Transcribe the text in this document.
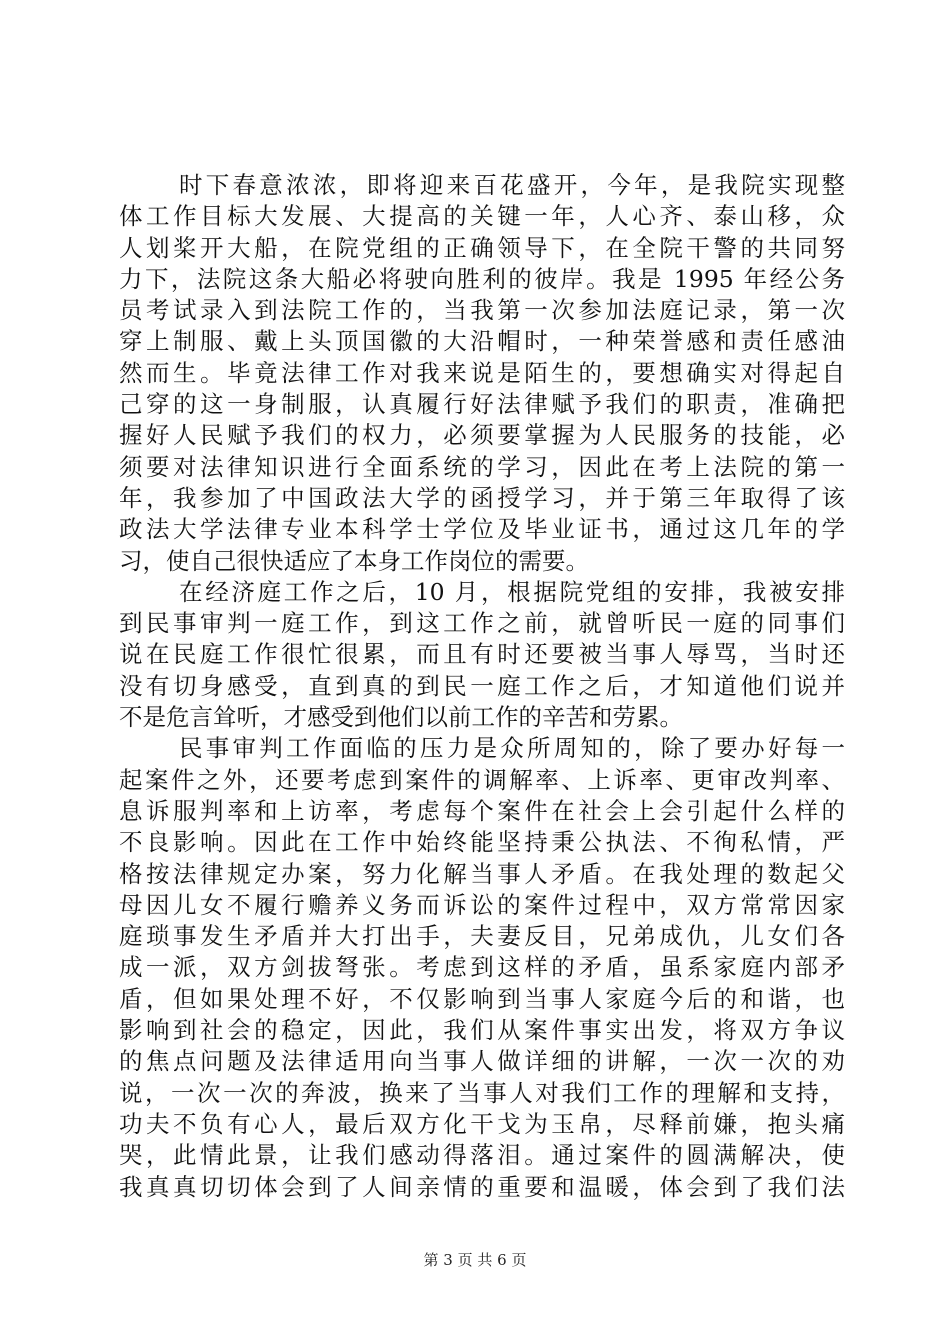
时下春意浓浓，即将迎来百花盛开，今年，是我院实现整
体工作目标大发展、大提高的关键一年，人心齐、泰山移，众
人划桨开大船，在院党组的正确领导下，在全院干警的共同努
力下，法院这条大船必将驶向胜利的彼岸。我是 1995 年经公务
员考试录入到法院工作的，当我第一次参加法庭记录，第一次
穿上制服、戴上头顶国徽的大沿帽时，一种荣誉感和责任感油
然而生。毕竟法律工作对我来说是陌生的，要想确实对得起自
己穿的这一身制服，认真履行好法律赋予我们的职责，准确把
握好人民赋予我们的权力，必须要掌握为人民服务的技能，必
须要对法律知识进行全面系统的学习，因此在考上法院的第一
年，我参加了中国政法大学的函授学习，并于第三年取得了该
政法大学法律专业本科学士学位及毕业证书，通过这几年的学
习，使自己很快适应了本身工作岗位的需要。
在经济庭工作之后，10 月，根据院党组的安排，我被安排
到民事审判一庭工作，到这工作之前，就曾听民一庭的同事们
说在民庭工作很忙很累，而且有时还要被当事人辱骂，当时还
没有切身感受，直到真的到民一庭工作之后，才知道他们说并
不是危言耸听，才感受到他们以前工作的辛苦和劳累。
民事审判工作面临的压力是众所周知的，除了要办好每一
起案件之外，还要考虑到案件的调解率、上诉率、更审改判率、
息诉服判率和上访率，考虑每个案件在社会上会引起什么样的
不良影响。因此在工作中始终能坚持秉公执法、不徇私情，严
格按法律规定办案，努力化解当事人矛盾。在我处理的数起父
母因儿女不履行赡养义务而诉讼的案件过程中，双方常常因家
庭琐事发生矛盾并大打出手，夫妻反目，兄弟成仇，儿女们各
成一派，双方剑拔弩张。考虑到这样的矛盾，虽系家庭内部矛
盾，但如果处理不好，不仅影响到当事人家庭今后的和谐，也
影响到社会的稳定，因此，我们从案件事实出发，将双方争议
的焦点问题及法律适用向当事人做详细的讲解，一次一次的劝
说，一次一次的奔波，换来了当事人对我们工作的理解和支持，
功夫不负有心人，最后双方化干戈为玉帛，尽释前嫌，抱头痛
哭，此情此景，让我们感动得落泪。通过案件的圆满解决，使
我真真切切体会到了人间亲情的重要和温暖，体会到了我们法
第 3 页 共 6 页
